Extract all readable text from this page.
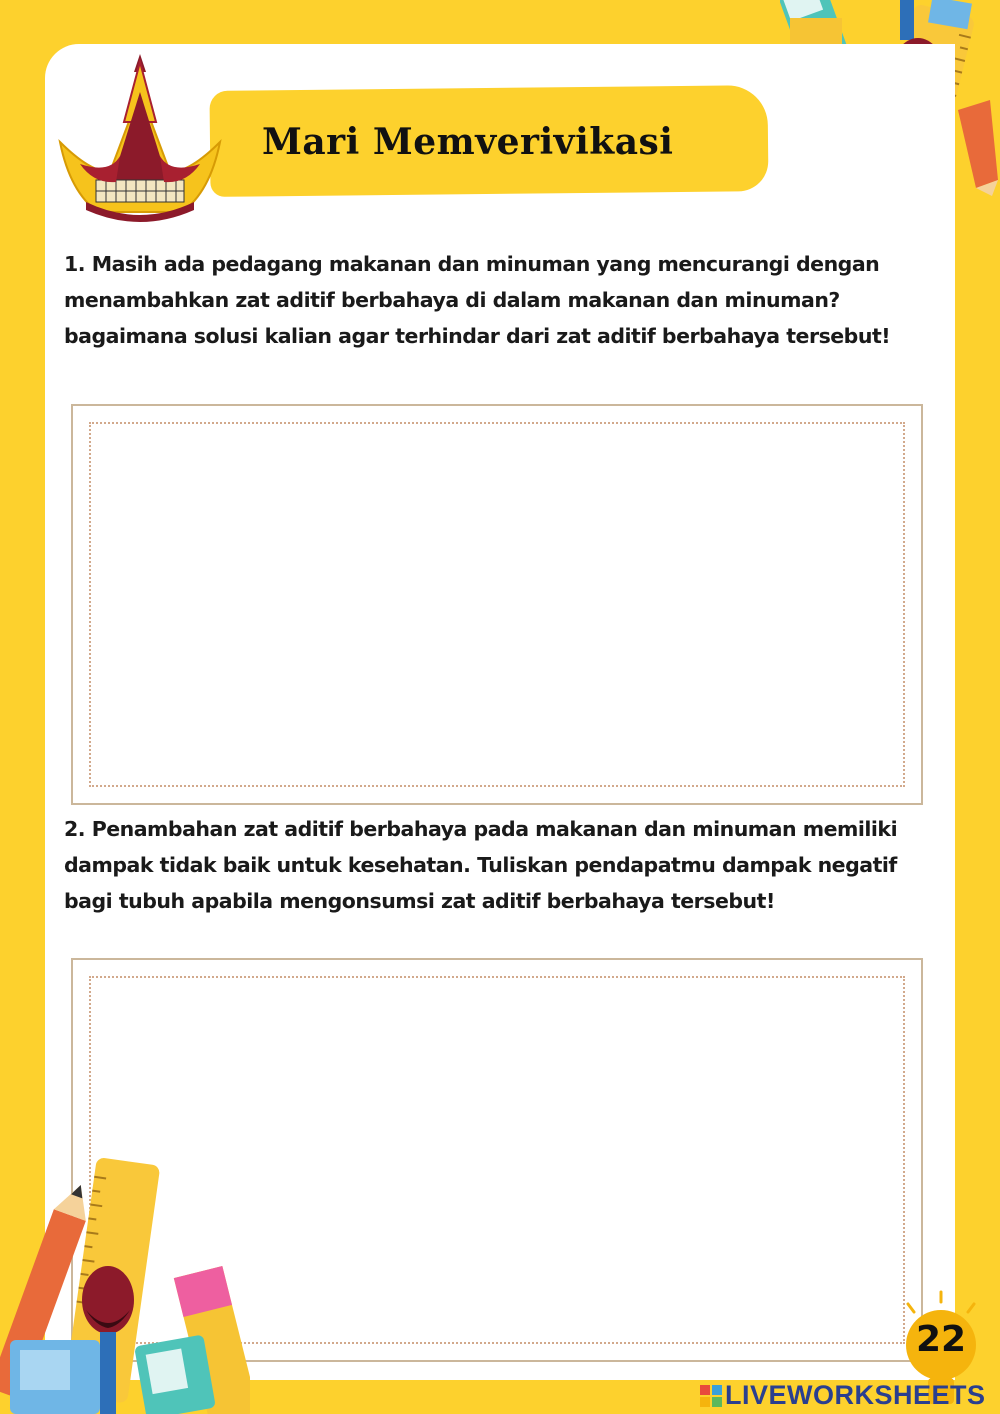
Mari Memverivikasi
1. Masih ada pedagang makanan dan minuman yang mencurangi dengan menambahkan zat aditif berbahaya di dalam makanan dan minuman? bagaimana solusi kalian agar terhindar dari zat aditif berbahaya tersebut!
2. Penambahan zat aditif berbahaya pada makanan dan minuman memiliki dampak tidak baik untuk kesehatan. Tuliskan pendapatmu dampak negatif bagi tubuh apabila mengonsumsi zat aditif berbahaya tersebut!
22
LIVEWORKSHEETS
